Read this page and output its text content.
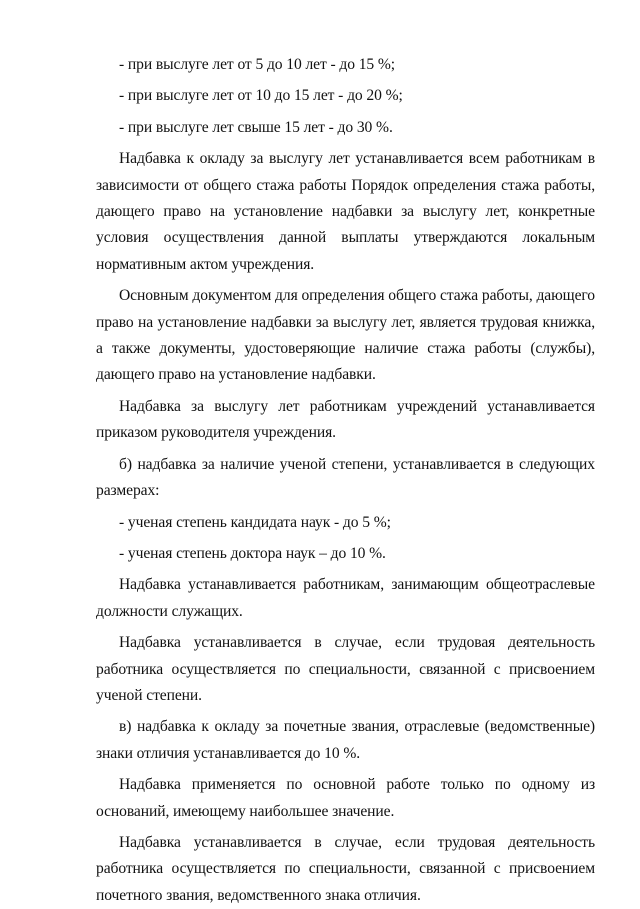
- при выслуге лет от 5 до 10 лет - до 15 %;

- при выслуге лет от 10 до 15 лет - до 20 %;

- при выслуге лет свыше 15 лет - до 30 %.

Надбавка к окладу за выслугу лет устанавливается всем работникам в зависимости от общего стажа работы Порядок определения стажа работы, дающего право на установление надбавки за выслугу лет, конкретные условия осуществления данной выплаты утверждаются локальным нормативным актом учреждения.

Основным документом для определения общего стажа работы, дающего право на установление надбавки за выслугу лет, является трудовая книжка, а также документы, удостоверяющие наличие стажа работы (службы), дающего право на установление надбавки.

Надбавка за выслугу лет работникам учреждений устанавливается приказом руководителя учреждения.

б) надбавка за наличие ученой степени, устанавливается в следующих размерах:

- ученая степень кандидата наук - до 5 %;

- ученая степень доктора наук – до 10 %.

Надбавка устанавливается работникам, занимающим общеотраслевые должности служащих.

Надбавка устанавливается в случае, если трудовая деятельность работника осуществляется по специальности, связанной с присвоением ученой степени.

в) надбавка к окладу за почетные звания, отраслевые (ведомственные) знаки отличия устанавливается до 10 %.

Надбавка применяется по основной работе только по одному из оснований, имеющему наибольшее значение.

Надбавка устанавливается в случае, если трудовая деятельность работника осуществляется по специальности, связанной с присвоением почетного звания, ведомственного знака отличия.
